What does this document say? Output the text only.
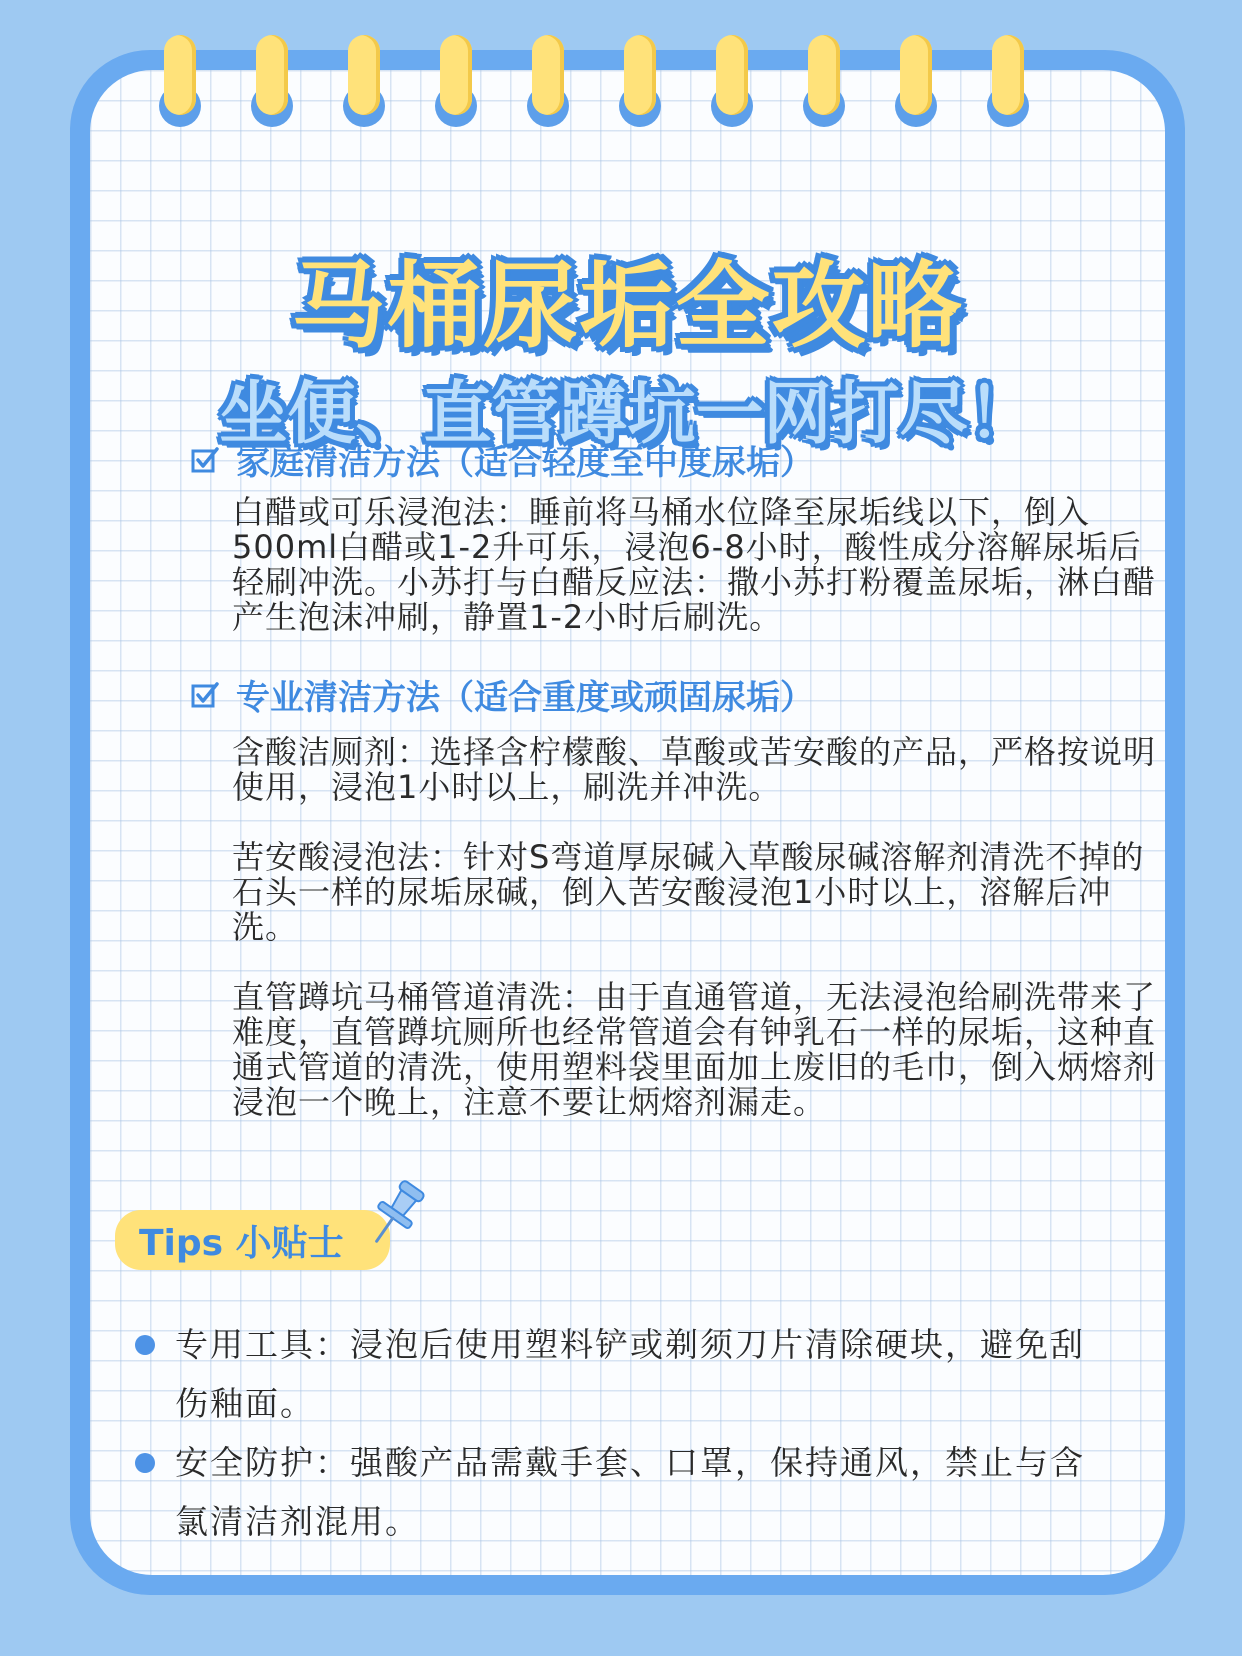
马桶尿垢全攻略
坐便、直管蹲坑一网打尽！
家庭清洁方法（适合轻度至中度尿垢）
白醋或可乐浸泡法：睡前将马桶水位降至尿垢线以下，倒入
500ml白醋或1-2升可乐，浸泡6-8小时，酸性成分溶解尿垢后
轻刷冲洗。小苏打与白醋反应法：撒小苏打粉覆盖尿垢，淋白醋
产生泡沫冲刷，静置1-2小时后刷洗。
专业清洁方法（适合重度或顽固尿垢）
含酸洁厕剂：选择含柠檬酸、草酸或苦安酸的产品，严格按说明
使用，浸泡1小时以上，刷洗并冲洗。
苦安酸浸泡法：针对S弯道厚尿碱入草酸尿碱溶解剂清洗不掉的
石头一样的尿垢尿碱，倒入苦安酸浸泡1小时以上，溶解后冲
洗。
直管蹲坑马桶管道清洗：由于直通管道，无法浸泡给刷洗带来了
难度，直管蹲坑厕所也经常管道会有钟乳石一样的尿垢，这种直
通式管道的清洗，使用塑料袋里面加上废旧的毛巾，倒入炳熔剂
浸泡一个晚上，注意不要让炳熔剂漏走。
Tips 小贴士
专用工具：浸泡后使用塑料铲或剃须刀片清除硬块，避免刮
伤釉面。
安全防护：强酸产品需戴手套、口罩，保持通风，禁止与含
氯清洁剂混用。
